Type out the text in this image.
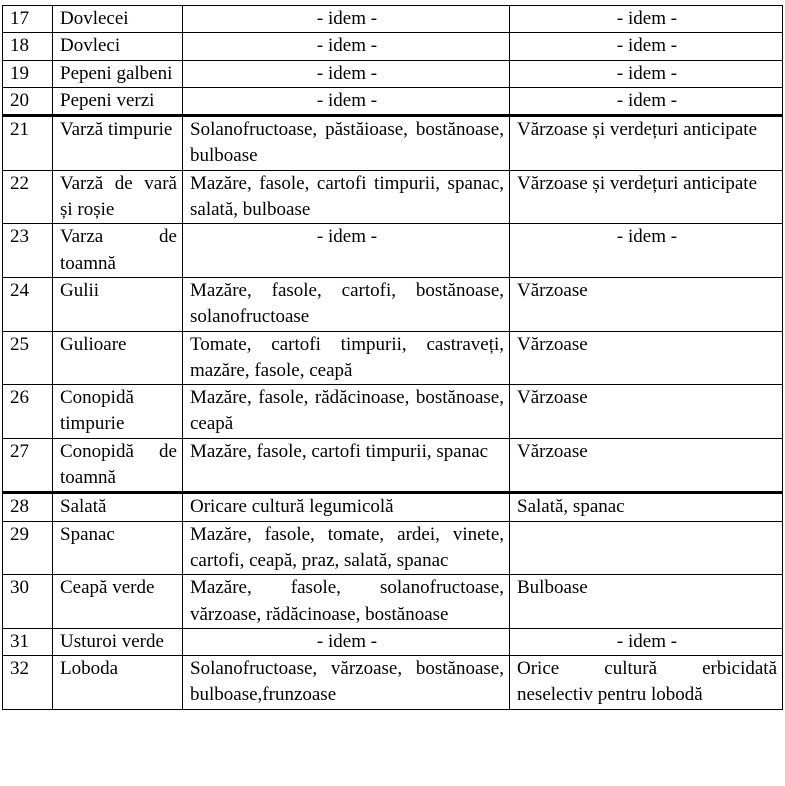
17	Dovlecei	- idem -	- idem -
18	Dovleci	- idem -	- idem -
19	Pepeni galbeni	- idem -	- idem -
20	Pepeni verzi	- idem -	- idem -
21	Varză timpurie	Solanofructoase, păstăioase, bostănoase, bulboase	Vărzoase și verdețuri anticipate
22	Varză de vară și roșie	Mazăre, fasole, cartofi timpurii, spanac, salată, bulboase	Vărzoase și verdețuri anticipate
23	Varza de toamnă	- idem -	- idem -
24	Gulii	Mazăre, fasole, cartofi, bostănoase, solanofructoase	Vărzoase
25	Gulioare	Tomate, cartofi timpurii, castraveți, mazăre, fasole, ceapă	Vărzoase
26	Conopidă timpurie	Mazăre, fasole, rădăcinoase, bostănoase, ceapă	Vărzoase
27	Conopidă de toamnă	Mazăre, fasole, cartofi timpurii, spanac	Vărzoase
28	Salată	Oricare cultură legumicolă	Salată, spanac
29	Spanac	Mazăre, fasole, tomate, ardei, vinete, cartofi, ceapă, praz, salată, spanac	
30	Ceapă verde	Mazăre, fasole, solanofructoase, vărzoase, rădăcinoase, bostănoase	Bulboase
31	Usturoi verde	- idem -	- idem -
32	Loboda	Solanofructoase, vărzoase, bostănoase, bulboase,frunzoase	Orice cultură erbicidată neselectiv pentru lobodă
